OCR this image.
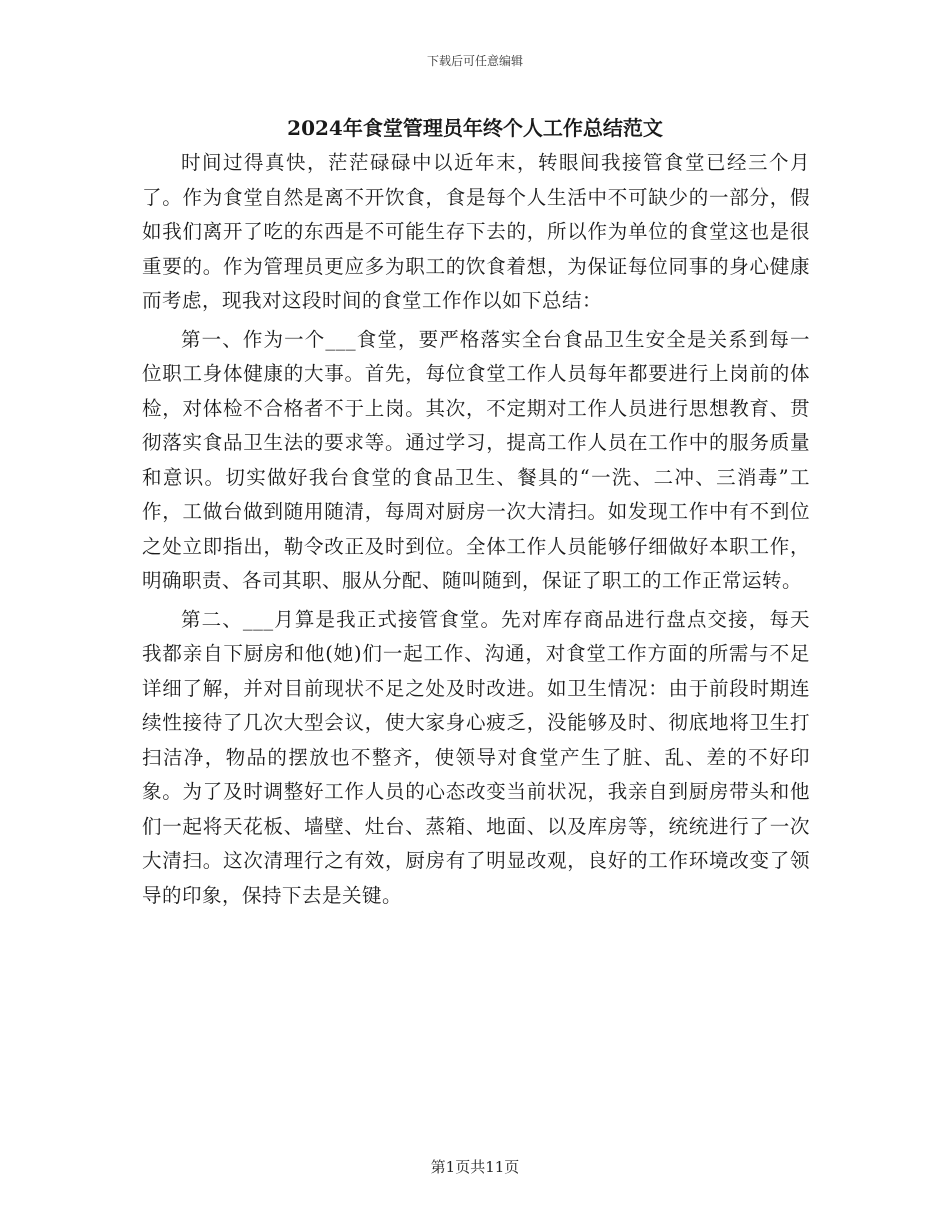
下载后可任意编辑
2024年食堂管理员年终个人工作总结范文

时间过得真快，茫茫碌碌中以近年末，转眼间我接管食堂已经三个月了。作为食堂自然是离不开饮食，食是每个人生活中不可缺少的一部分，假如我们离开了吃的东西是不可能生存下去的，所以作为单位的食堂这也是很重要的。作为管理员更应多为职工的饮食着想，为保证每位同事的身心健康而考虑，现我对这段时间的食堂工作作以如下总结：

第一、作为一个___食堂，要严格落实全台食品卫生安全是关系到每一位职工身体健康的大事。首先，每位食堂工作人员每年都要进行上岗前的体检，对体检不合格者不于上岗。其次，不定期对工作人员进行思想教育、贯彻落实食品卫生法的要求等。通过学习，提高工作人员在工作中的服务质量和意识。切实做好我台食堂的食品卫生、餐具的“一洗、二冲、三消毒”工作，工做台做到随用随清，每周对厨房一次大清扫。如发现工作中有不到位之处立即指出，勒令改正及时到位。全体工作人员能够仔细做好本职工作，明确职责、各司其职、服从分配、随叫随到，保证了职工的工作正常运转。

第二、___月算是我正式接管食堂。先对库存商品进行盘点交接，每天我都亲自下厨房和他(她)们一起工作、沟通，对食堂工作方面的所需与不足详细了解，并对目前现状不足之处及时改进。如卫生情况：由于前段时期连续性接待了几次大型会议，使大家身心疲乏，没能够及时、彻底地将卫生打扫洁净，物品的摆放也不整齐，使领导对食堂产生了脏、乱、差的不好印象。为了及时调整好工作人员的心态改变当前状况，我亲自到厨房带头和他们一起将天花板、墙壁、灶台、蒸箱、地面、以及库房等，统统进行了一次大清扫。这次清理行之有效，厨房有了明显改观，良好的工作环境改变了领导的印象，保持下去是关键。

第1页共11页
